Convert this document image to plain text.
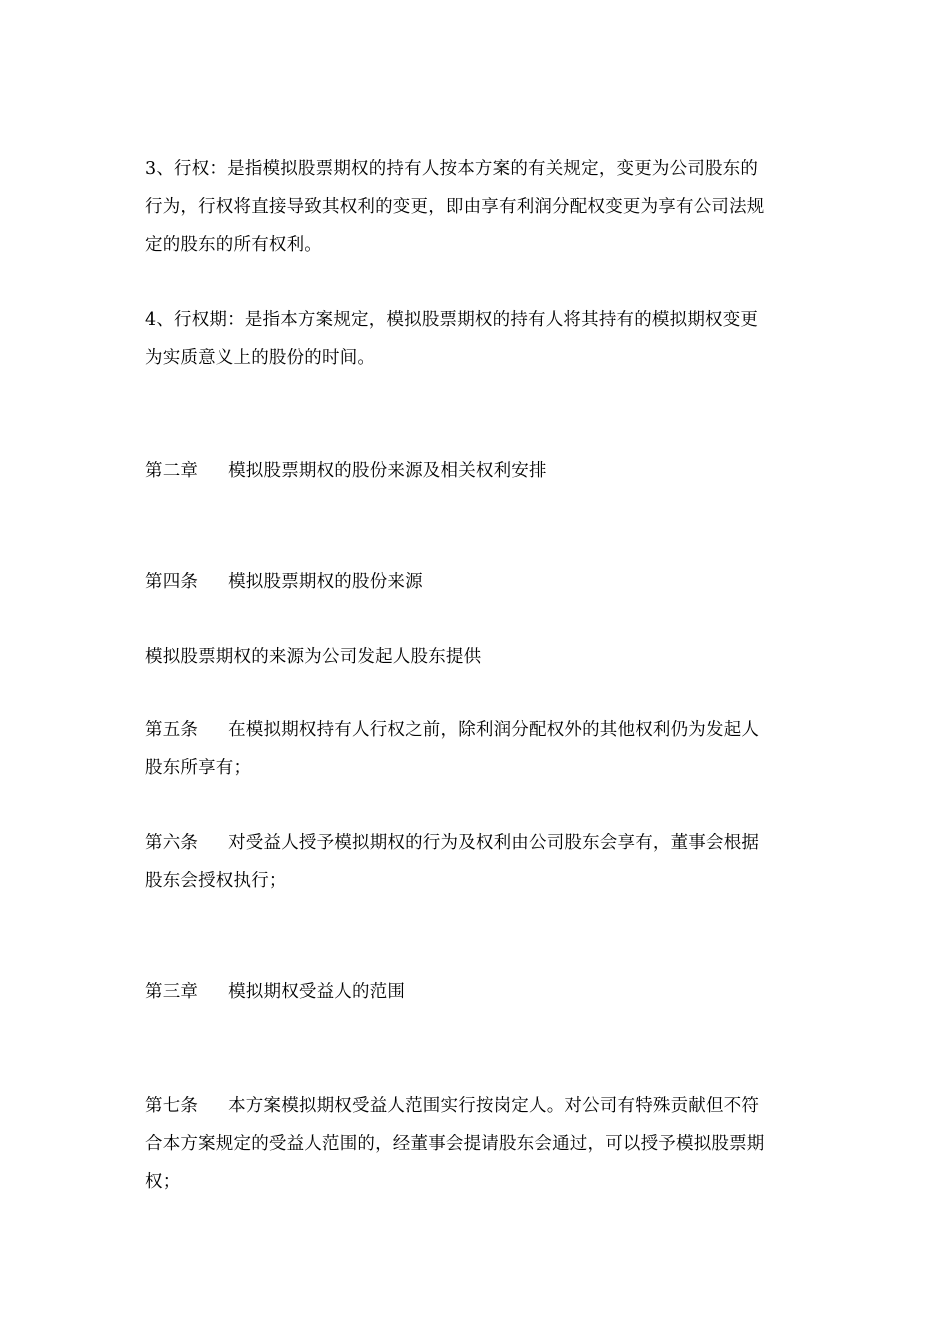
3、行权：是指模拟股票期权的持有人按本方案的有关规定，变更为公司股东的
行为，行权将直接导致其权利的变更，即由享有利润分配权变更为享有公司法规
定的股东的所有权利。
4、行权期：是指本方案规定，模拟股票期权的持有人将其持有的模拟期权变更
为实质意义上的股份的时间。
第二章 模拟股票期权的股份来源及相关权利安排
第四条 模拟股票期权的股份来源
模拟股票期权的来源为公司发起人股东提供
第五条 在模拟期权持有人行权之前，除利润分配权外的其他权利仍为发起人
股东所享有；
第六条 对受益人授予模拟期权的行为及权利由公司股东会享有，董事会根据
股东会授权执行；
第三章 模拟期权受益人的范围
第七条 本方案模拟期权受益人范围实行按岗定人。对公司有特殊贡献但不符
合本方案规定的受益人范围的，经董事会提请股东会通过，可以授予模拟股票期
权；
